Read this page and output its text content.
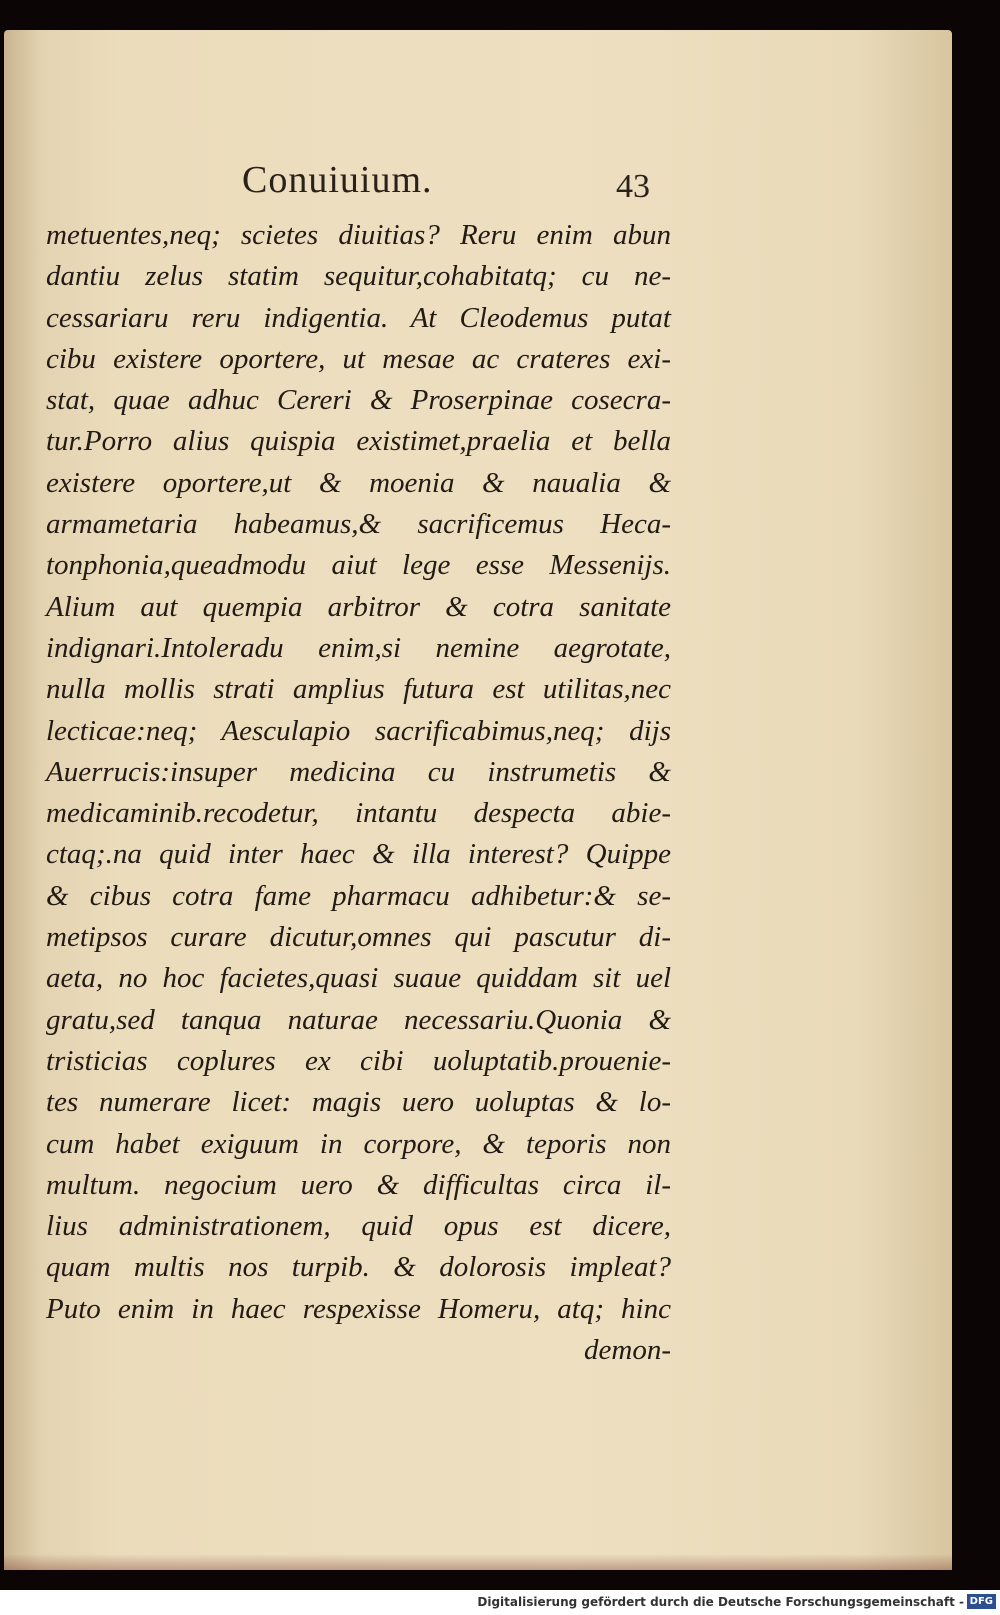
Conuiuium.	43
metuentes,neq; scietes diuitias? Reru enim abun
dantiu zelus statim sequitur,cohabitatq; cu ne-
cessariaru reru indigentia. At Cleodemus putat
cibu existere oportere, ut mesae ac crateres exi-
stat, quae adhuc Cereri & Proserpinae cosecra-
tur.Porro alius quispia existimet,praelia et bella
existere oportere,ut & moenia & naualia &
armametaria habeamus,& sacrificemus Heca-
tonphonia,queadmodu aiut lege esse Messenijs.
Alium aut quempia arbitror & cotra sanitate
indignari.Intoleradu enim,si nemine aegrotate,
nulla mollis strati amplius futura est utilitas,nec
lecticae:neq; Aesculapio sacrificabimus,neq; dijs
Auerrucis:insuper medicina cu instrumetis &
medicaminib.recodetur, intantu despecta abie-
ctaq;.na quid inter haec & illa interest? Quippe
& cibus cotra fame pharmacu adhibetur:& se-
metipsos curare dicutur,omnes qui pascutur di-
aeta, no hoc facietes,quasi suaue quiddam sit uel
gratu,sed tanqua naturae necessariu.Quonia &
tristicias coplures ex cibi uoluptatib.prouenie-
tes numerare licet: magis uero uoluptas & lo-
cum habet exiguum in corpore, & teporis non
multum. negocium uero & difficultas circa il-
lius administrationem, quid opus est dicere,
quam multis nos turpib. & dolorosis impleat?
Puto enim in haec respexisse Homeru, atq; hinc
demon-
Digitalisierung gefördert durch die Deutsche Forschungsgemeinschaft - DFG
